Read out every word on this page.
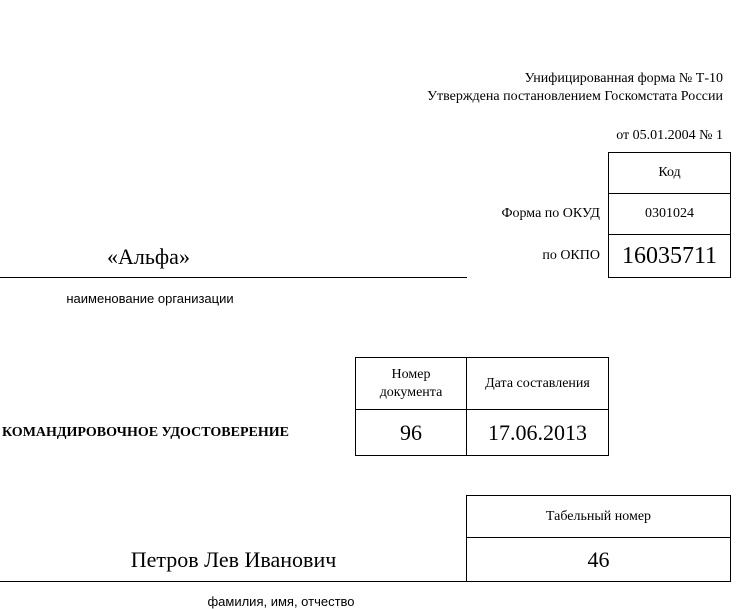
Унифицированная форма № Т-10
Утверждена постановлением Госкомстата России
от 05.01.2004 № 1
Код
Форма по ОКУД	0301024
по ОКПО 16035711
«Альфа»
наименование организации
Номер
документа
Дата составления
96	17.06.2013
КОМАНДИРОВОЧНОЕ УДОСТОВЕРЕНИЕ
Табельный номер
46
Петров Лев Иванович
фамилия, имя, отчество
